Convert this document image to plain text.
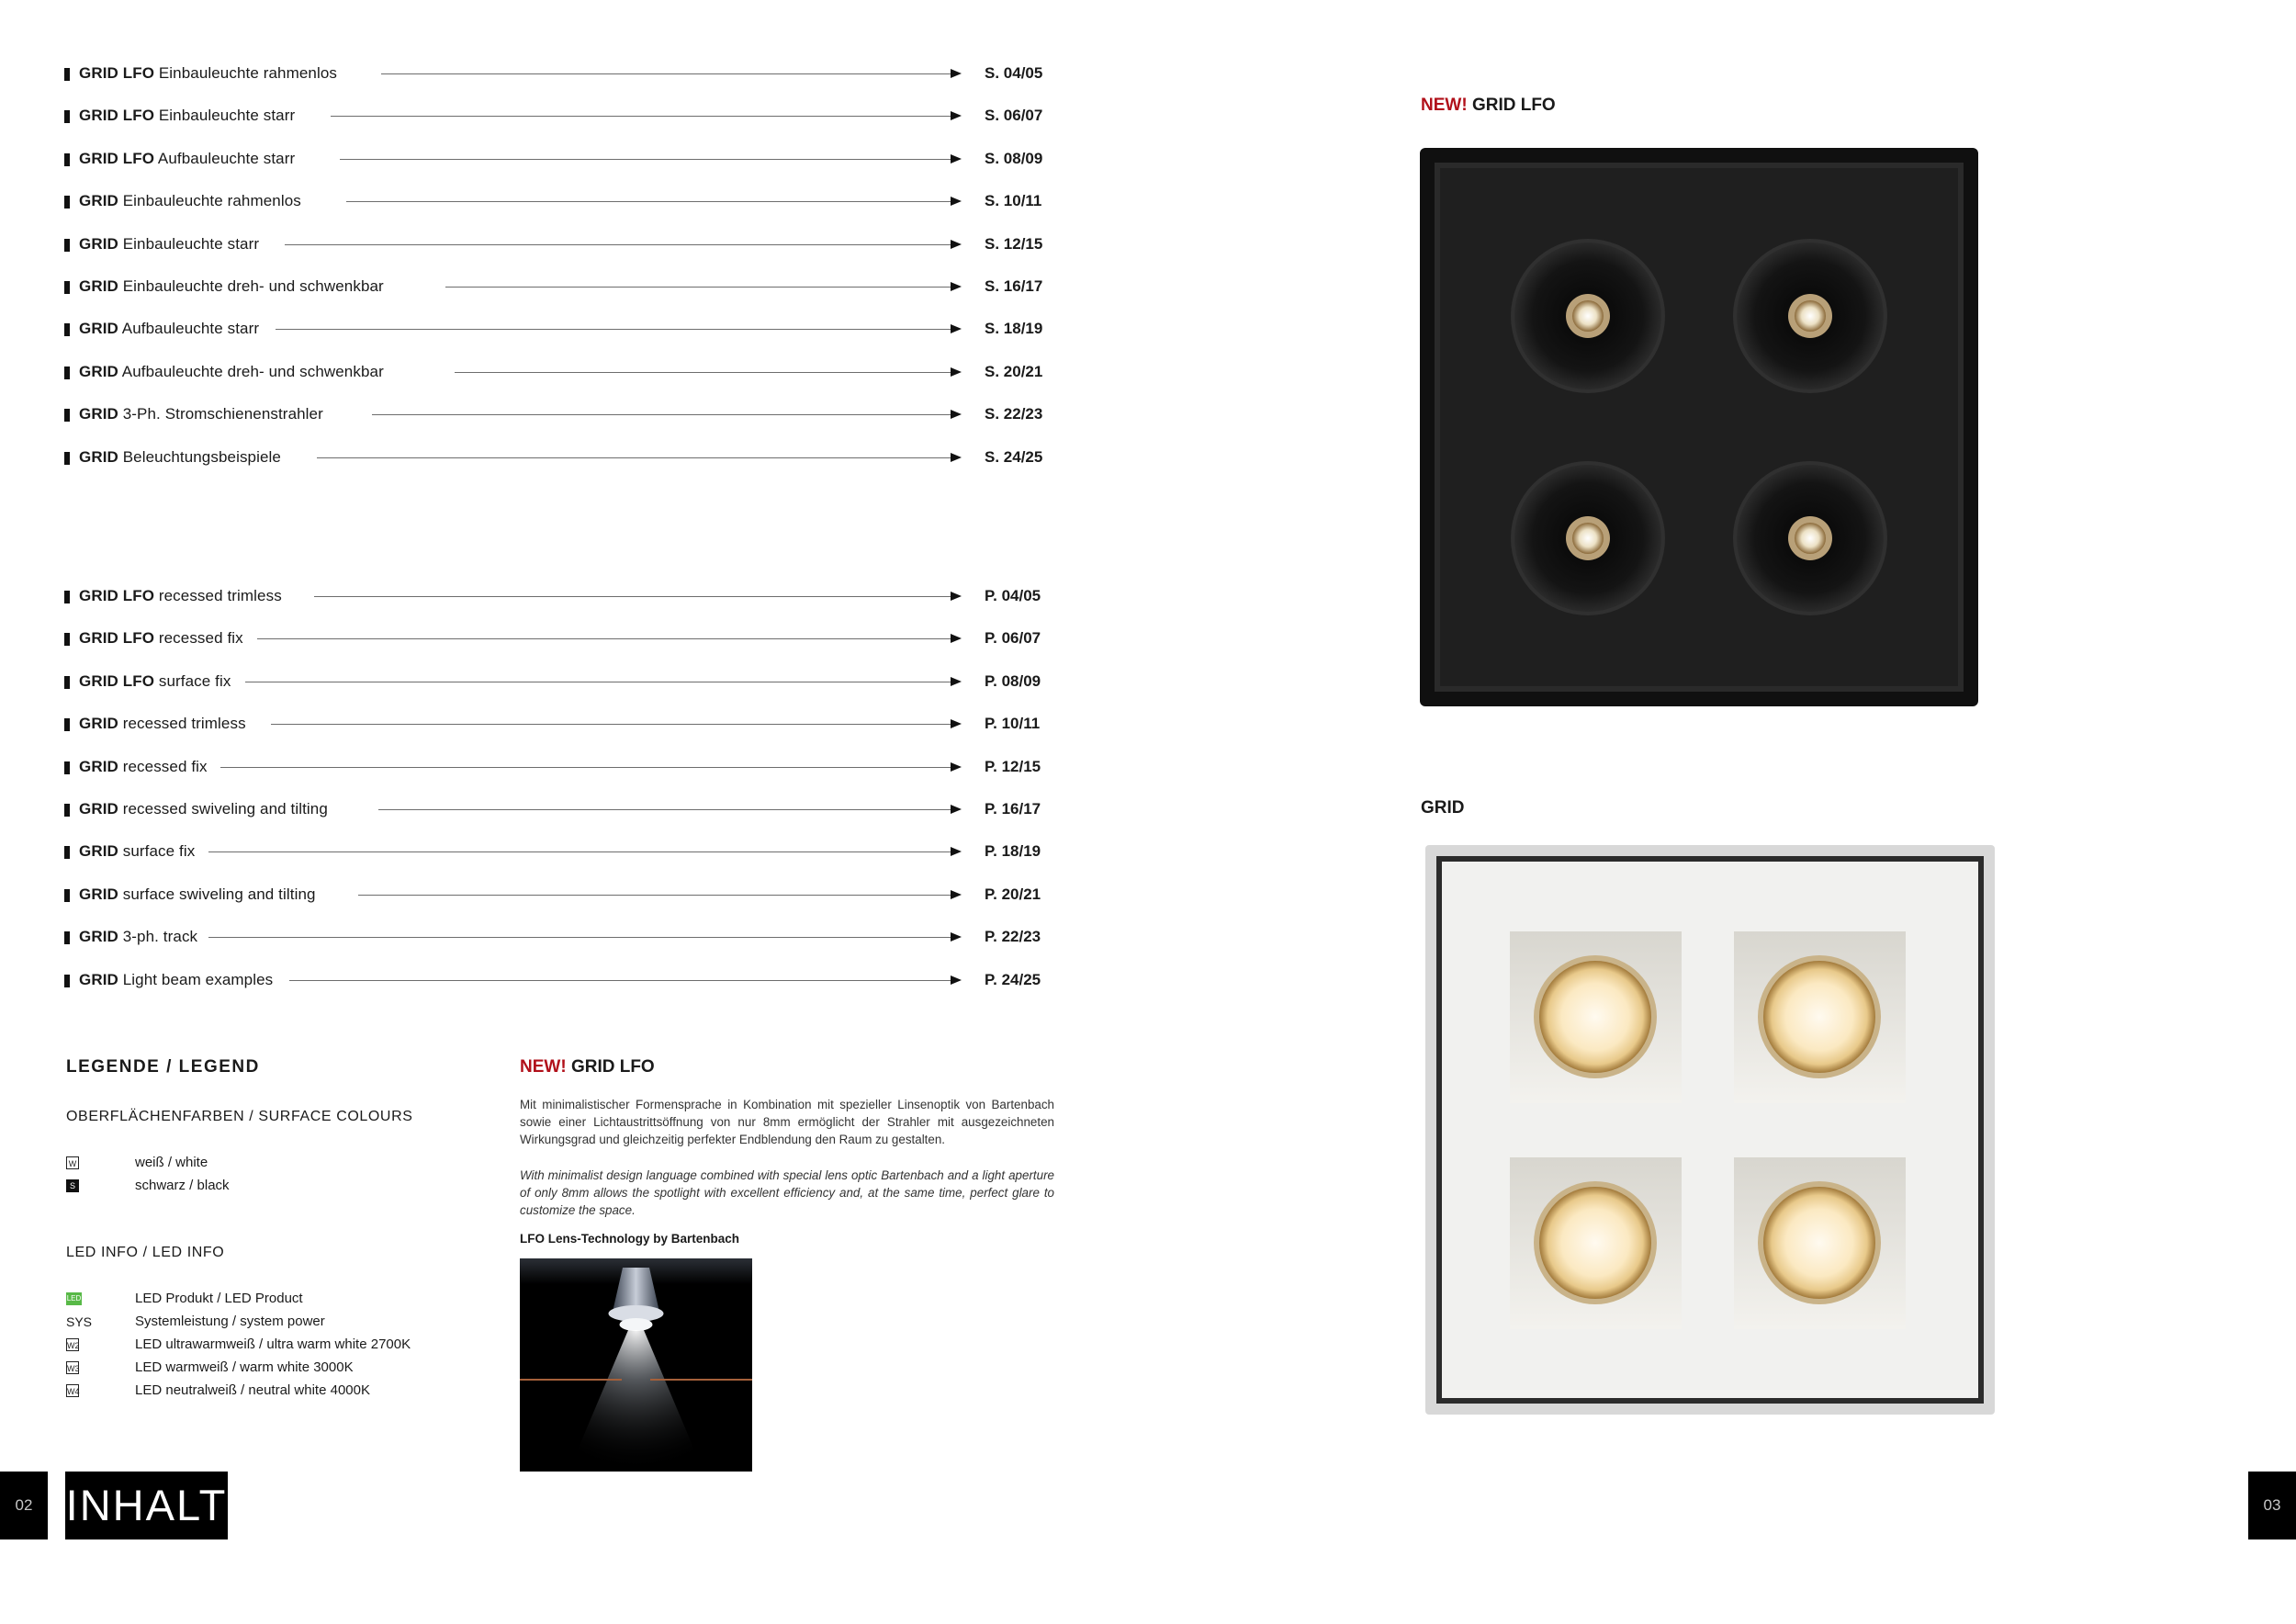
GRID LFO Einbauleuchte rahmenlos	S. 04/05
GRID LFO Einbauleuchte starr	S. 06/07
GRID LFO Aufbauleuchte starr	S. 08/09
GRID Einbauleuchte rahmenlos	S. 10/11
GRID Einbauleuchte starr	S. 12/15
GRID Einbauleuchte dreh- und schwenkbar	S. 16/17
GRID Aufbauleuchte starr	S. 18/19
GRID Aufbauleuchte dreh- und schwenkbar	S. 20/21
GRID 3-Ph. Stromschienenstrahler	S. 22/23
GRID Beleuchtungsbeispiele	S. 24/25
GRID LFO recessed trimless	P. 04/05
GRID LFO recessed fix	P. 06/07
GRID LFO surface fix	P. 08/09
GRID recessed trimless	P. 10/11
GRID recessed fix	P. 12/15
GRID recessed swiveling and tilting	P. 16/17
GRID surface fix	P. 18/19
GRID surface swiveling and tilting	P. 20/21
GRID 3-ph. track	P. 22/23
GRID Light beam examples	P. 24/25
LEGENDE / LEGEND
OBERFLÄCHENFARBEN / SURFACE COLOURS
W	weiß / white
S	schwarz / black
LED INFO / LED INFO
LED	LED Produkt / LED Product
SYS	Systemleistung / system power
W2	LED ultrawarmweiß / ultra warm white 2700K
W3	LED warmweiß / warm white 3000K
W4	LED neutralweiß / neutral white 4000K
NEW! GRID LFO
Mit minimalistischer Formensprache in Kombination mit spezieller Linsenoptik von Bartenbach sowie einer Lichtaustrittsöffnung von nur 8mm ermöglicht der Strahler mit ausgezeichneten Wirkungsgrad und gleichzeitig perfekter Endblendung den Raum zu gestalten.
With minimalist design language combined with special lens optic Bartenbach and a light aperture of only 8mm allows the spotlight with excellent efficiency and, at the same time, perfect glare to customize the space.
LFO Lens-Technology by Bartenbach
02 INHALT	03
NEW! GRID LFO
GRID
